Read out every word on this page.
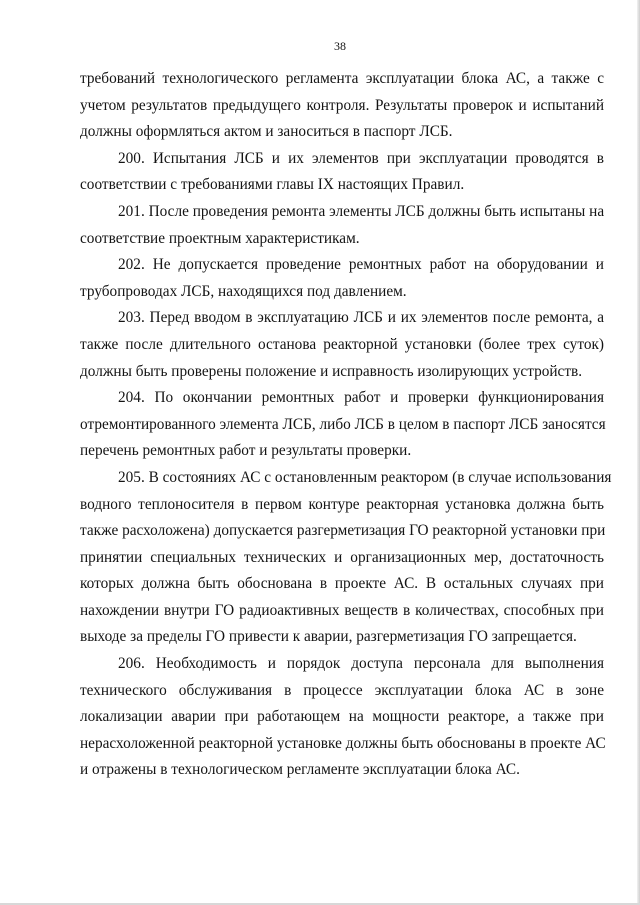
38
требований технологического регламента эксплуатации блока АС, а также с
учетом результатов предыдущего контроля. Результаты проверок и испытаний
должны оформляться актом и заноситься в паспорт ЛСБ.
200. Испытания ЛСБ и их элементов при эксплуатации проводятся в
соответствии с требованиями главы IX настоящих Правил.
201. После проведения ремонта элементы ЛСБ должны быть испытаны на
соответствие проектным характеристикам.
202. Не допускается проведение ремонтных работ на оборудовании и
трубопроводах ЛСБ, находящихся под давлением.
203. Перед вводом в эксплуатацию ЛСБ и их элементов после ремонта, а
также после длительного останова реакторной установки (более трех суток)
должны быть проверены положение и исправность изолирующих устройств.
204. По окончании ремонтных работ и проверки функционирования
отремонтированного элемента ЛСБ, либо ЛСБ в целом в паспорт ЛСБ заносятся
перечень ремонтных работ и результаты проверки.
205. В состояниях АС с остановленным реактором (в случае использования
водного теплоносителя в первом контуре реакторная установка должна быть
также расхоложена) допускается разгерметизация ГО реакторной установки при
принятии специальных технических и организационных мер, достаточность
которых должна быть обоснована в проекте АС. В остальных случаях при
нахождении внутри ГО радиоактивных веществ в количествах, способных при
выходе за пределы ГО привести к аварии, разгерметизация ГО запрещается.
206. Необходимость и порядок доступа персонала для выполнения
технического обслуживания в процессе эксплуатации блока АС в зоне
локализации аварии при работающем на мощности реакторе, а также при
нерасхоложенной реакторной установке должны быть обоснованы в проекте АС
и отражены в технологическом регламенте эксплуатации блока АС.
